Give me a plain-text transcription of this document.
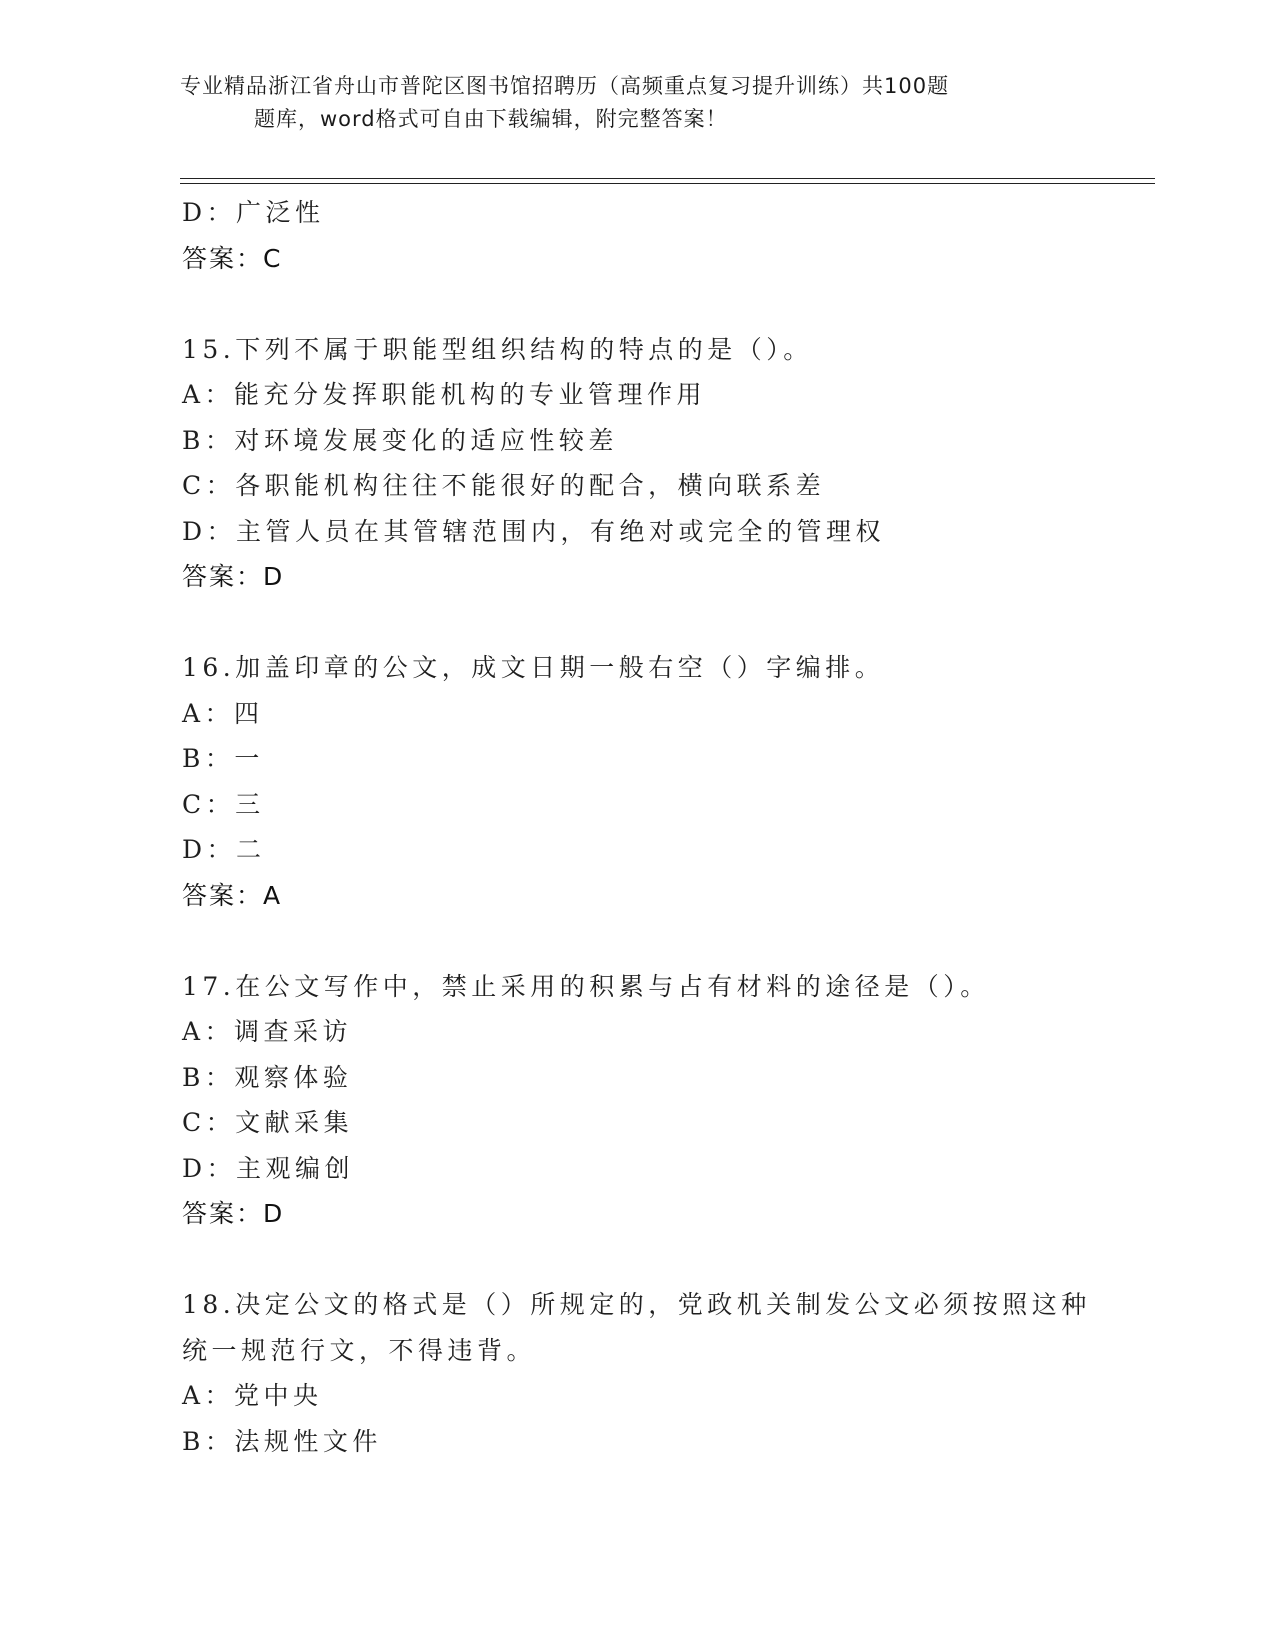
专业精品浙江省舟山市普陀区图书馆招聘历（高频重点复习提升训练）共100题
题库，word格式可自由下载编辑，附完整答案！
D：广泛性
答案：C
15.下列不属于职能型组织结构的特点的是（）。
A：能充分发挥职能机构的专业管理作用
B：对环境发展变化的适应性较差
C：各职能机构往往不能很好的配合，横向联系差
D：主管人员在其管辖范围内，有绝对或完全的管理权
答案：D
16.加盖印章的公文，成文日期一般右空（）字编排。
A：四
B：一
C：三
D：二
答案：A
17.在公文写作中，禁止采用的积累与占有材料的途径是（）。
A：调查采访
B：观察体验
C：文献采集
D：主观编创
答案：D
18.决定公文的格式是（）所规定的，党政机关制发公文必须按照这种
统一规范行文，不得违背。
A：党中央
B：法规性文件
